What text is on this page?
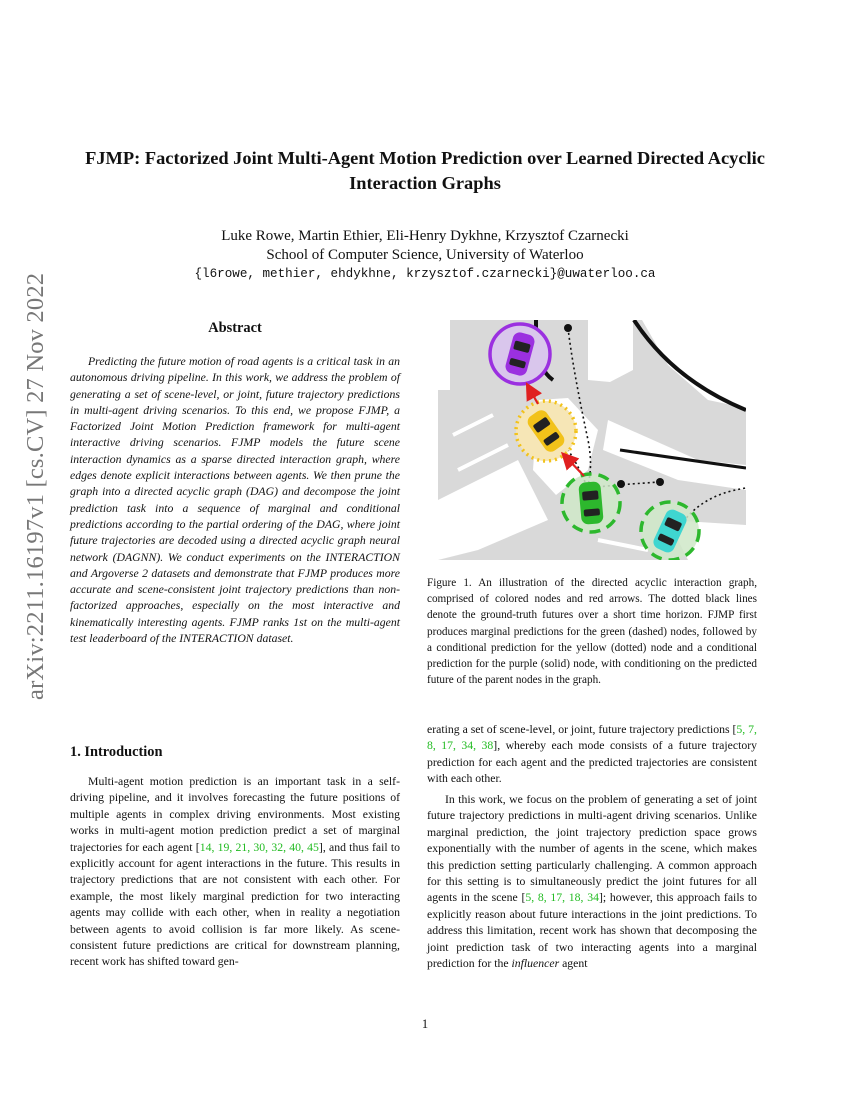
arXiv:2211.16197v1 [cs.CV] 27 Nov 2022
FJMP: Factorized Joint Multi-Agent Motion Prediction over Learned Directed Acyclic Interaction Graphs
Luke Rowe, Martin Ethier, Eli-Henry Dykhne, Krzysztof Czarnecki
School of Computer Science, University of Waterloo
{l6rowe, methier, ehdykhne, krzysztof.czarnecki}@uwaterloo.ca
Abstract

Predicting the future motion of road agents is a critical task in an autonomous driving pipeline. In this work, we address the problem of generating a set of scene-level, or joint, future trajectory predictions in multi-agent driving scenarios. To this end, we propose FJMP, a Factorized Joint Motion Prediction framework for multi-agent interactive driving scenarios. FJMP models the future scene interaction dynamics as a sparse directed interaction graph, where edges denote explicit interactions between agents. We then prune the graph into a directed acyclic graph (DAG) and decompose the joint prediction task into a sequence of marginal and conditional predictions according to the partial ordering of the DAG, where joint future trajectories are decoded using a directed acyclic graph neural network (DAGNN). We conduct experiments on the INTERACTION and Argoverse 2 datasets and demonstrate that FJMP produces more accurate and scene-consistent joint trajectory predictions than non-factorized approaches, especially on the most interactive and kinematically interesting agents. FJMP ranks 1st on the multi-agent test leaderboard of the INTERACTION dataset.

Figure 1. An illustration of the directed acyclic interaction graph, comprised of colored nodes and red arrows. The dotted black lines denote the ground-truth futures over a short time horizon. FJMP first produces marginal predictions for the green (dashed) nodes, followed by a conditional prediction for the yellow (dotted) node and a conditional prediction for the purple (solid) node, with conditioning on the predicted future of the parent nodes in the graph.

1. Introduction

Multi-agent motion prediction is an important task in a self-driving pipeline, and it involves forecasting the future positions of multiple agents in complex driving environments. Most existing works in multi-agent motion prediction predict a set of marginal trajectories for each agent [14, 19, 21, 30, 32, 40, 45], and thus fail to explicitly account for agent interactions in the future. This results in trajectory predictions that are not consistent with each other. For example, the most likely marginal prediction for two interacting agents may collide with each other, when in reality a negotiation between agents to avoid collision is far more likely. As scene-consistent future predictions are critical for downstream planning, recent work has shifted toward gen-

erating a set of scene-level, or joint, future trajectory predictions [5, 7, 8, 17, 34, 38], whereby each mode consists of a future trajectory prediction for each agent and the predicted trajectories are consistent with each other.

In this work, we focus on the problem of generating a set of joint future trajectory predictions in multi-agent driving scenarios. Unlike marginal prediction, the joint trajectory prediction space grows exponentially with the number of agents in the scene, which makes this prediction setting particularly challenging. A common approach for this setting is to simultaneously predict the joint futures for all agents in the scene [5, 8, 17, 18, 34]; however, this approach fails to explicitly reason about future interactions in the joint predictions. To address this limitation, recent work has shown that decomposing the joint prediction task of two interacting agents into a marginal prediction for the influencer agent

1
